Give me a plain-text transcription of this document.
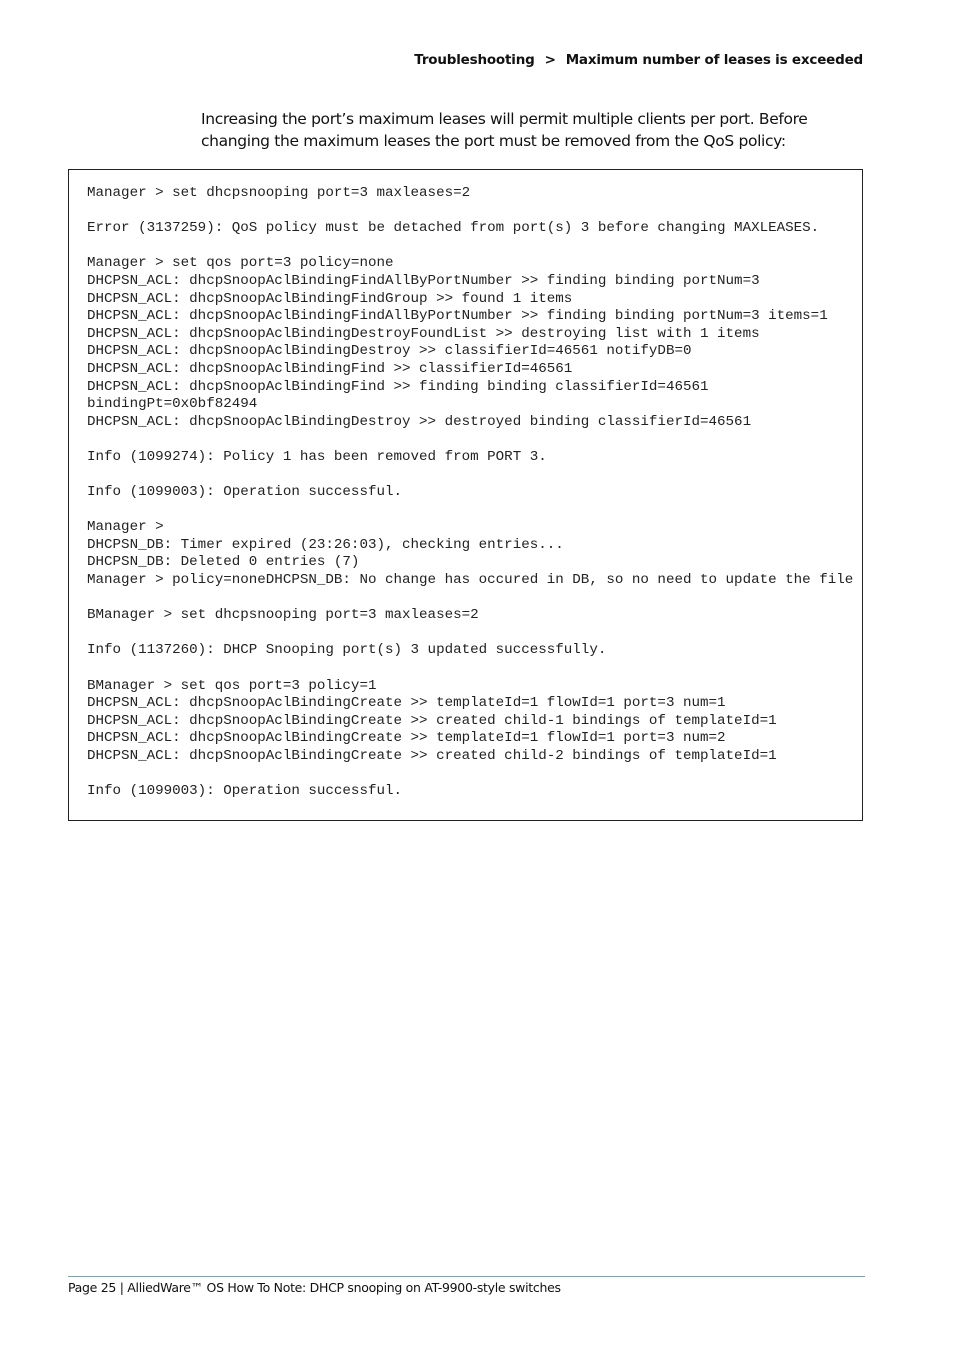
Troubleshooting > Maximum number of leases is exceeded

Increasing the port’s maximum leases will permit multiple clients per port. Before changing the maximum leases the port must be removed from the QoS policy:

Manager > set dhcpsnooping port=3 maxleases=2
Error (3137259): QoS policy must be detached from port(s) 3 before changing MAXLEASES.
Manager > set qos port=3 policy=none
DHCPSN_ACL: dhcpSnoopAclBindingFindAllByPortNumber >> finding binding portNum=3
DHCPSN_ACL: dhcpSnoopAclBindingFindGroup >> found 1 items
DHCPSN_ACL: dhcpSnoopAclBindingFindAllByPortNumber >> finding binding portNum=3 items=1
DHCPSN_ACL: dhcpSnoopAclBindingDestroyFoundList >> destroying list with 1 items
DHCPSN_ACL: dhcpSnoopAclBindingDestroy >> classifierId=46561 notifyDB=0
DHCPSN_ACL: dhcpSnoopAclBindingFind >> classifierId=46561
DHCPSN_ACL: dhcpSnoopAclBindingFind >> finding binding classifierId=46561
bindingPt=0x0bf82494
DHCPSN_ACL: dhcpSnoopAclBindingDestroy >> destroyed binding classifierId=46561
Info (1099274): Policy 1 has been removed from PORT 3.
Info (1099003): Operation successful.
Manager >
DHCPSN_DB: Timer expired (23:26:03), checking entries...
DHCPSN_DB: Deleted 0 entries (7)
Manager > policy=noneDHCPSN_DB: No change has occured in DB, so no need to update the file
BManager > set dhcpsnooping port=3 maxleases=2
Info (1137260): DHCP Snooping port(s) 3 updated successfully.
BManager > set qos port=3 policy=1
DHCPSN_ACL: dhcpSnoopAclBindingCreate >> templateId=1 flowId=1 port=3 num=1
DHCPSN_ACL: dhcpSnoopAclBindingCreate >> created child-1 bindings of templateId=1
DHCPSN_ACL: dhcpSnoopAclBindingCreate >> templateId=1 flowId=1 port=3 num=2
DHCPSN_ACL: dhcpSnoopAclBindingCreate >> created child-2 bindings of templateId=1
Info (1099003): Operation successful.
Page 25 | AlliedWare™ OS How To Note: DHCP snooping on AT-9900-style switches
